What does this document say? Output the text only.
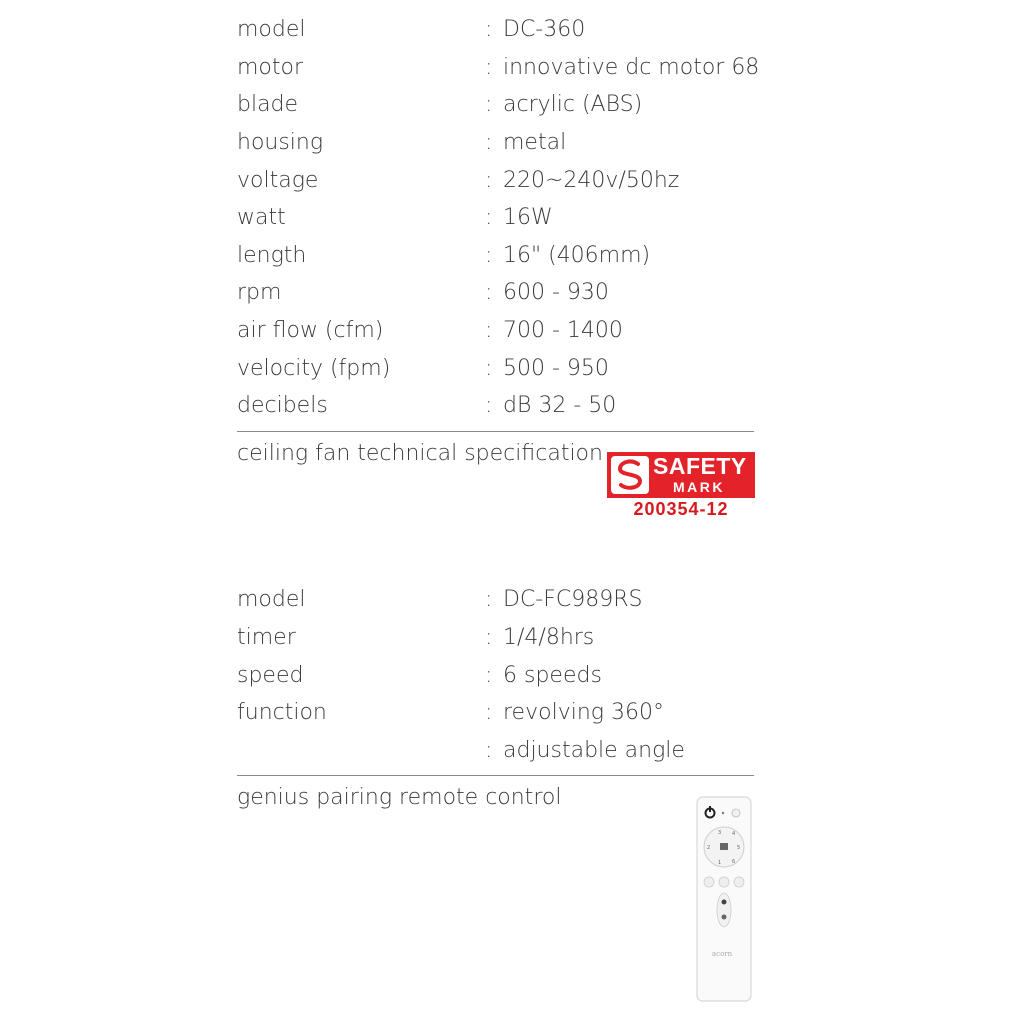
model	: DC-360
motor	: innovative dc motor 68
blade	: acrylic (ABS)
housing	: metal
voltage	: 220~240v/50hz
watt	: 16W
length	: 16" (406mm)
rpm	: 600 - 930
air flow (cfm)	: 700 - 1400
velocity (fpm)	: 500 - 950
decibels	: dB 32 - 50
ceiling fan technical specification SAFETY
MARK
200354-12
model	: DC-FC989RS
timer	: 1/4/8hrs
speed	: 6 speeds
function	: revolving 360°
: adjustable angle
genius pairing remote control
3 4
2	5
1 6
acorn
